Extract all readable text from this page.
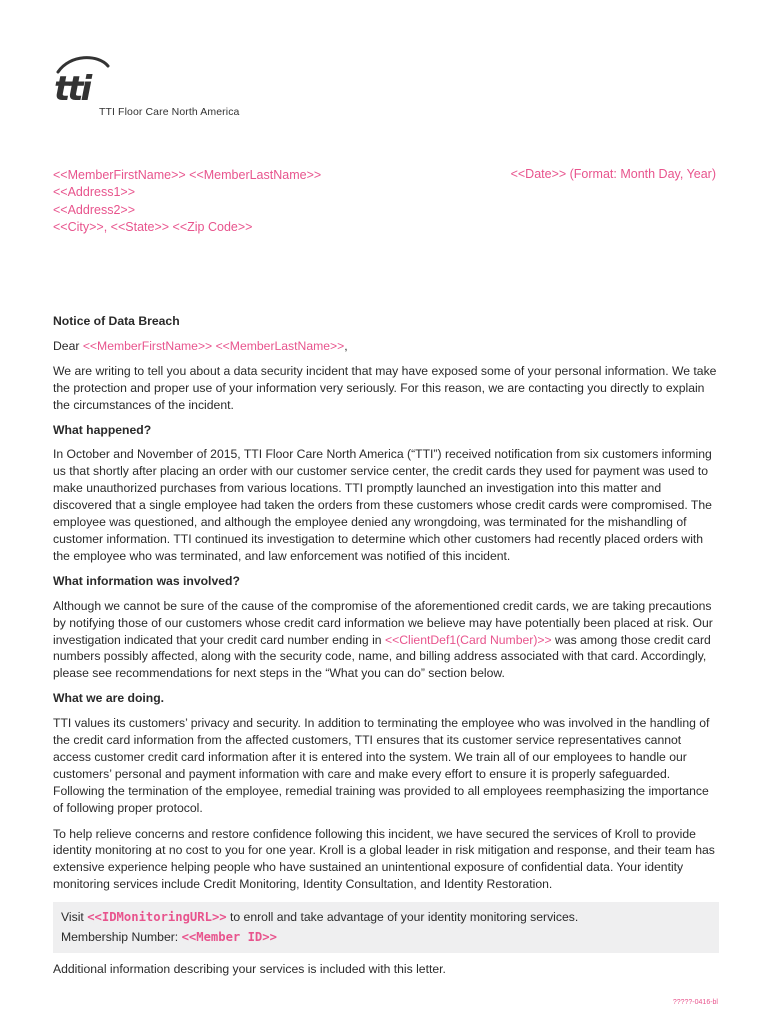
tti
TTI Floor Care North America
<<MemberFirstName>> <<MemberLastName>>
<<Address1>>
<<Address2>>
<<City>>, <<State>> <<Zip Code>>
<<Date>> (Format: Month Day, Year)

Notice of Data Breach

Dear <<MemberFirstName>> <<MemberLastName>>,

We are writing to tell you about a data security incident that may have exposed some of your personal information. We take the protection and proper use of your information very seriously. For this reason, we are contacting you directly to explain the circumstances of the incident.

What happened?

In October and November of 2015, TTI Floor Care North America (“TTI”) received notification from six customers informing us that shortly after placing an order with our customer service center, the credit cards they used for payment was used to make unauthorized purchases from various locations. TTI promptly launched an investigation into this matter and discovered that a single employee had taken the orders from these customers whose credit cards were compromised. The employee was questioned, and although the employee denied any wrongdoing, was terminated for the mishandling of customer information. TTI continued its investigation to determine which other customers had recently placed orders with the employee who was terminated, and law enforcement was notified of this incident.

What information was involved?

Although we cannot be sure of the cause of the compromise of the aforementioned credit cards, we are taking precautions by notifying those of our customers whose credit card information we believe may have potentially been placed at risk. Our investigation indicated that your credit card number ending in <<ClientDef1(Card Number)>> was among those credit card numbers possibly affected, along with the security code, name, and billing address associated with that card. Accordingly, please see recommendations for next steps in the “What you can do” section below.

What we are doing.

TTI values its customers’ privacy and security. In addition to terminating the employee who was involved in the handling of the credit card information from the affected customers, TTI ensures that its customer service representatives cannot access customer credit card information after it is entered into the system. We train all of our employees to handle our customers’ personal and payment information with care and make every effort to ensure it is properly safeguarded. Following the termination of the employee, remedial training was provided to all employees reemphasizing the importance of following proper protocol.

To help relieve concerns and restore confidence following this incident, we have secured the services of Kroll to provide identity monitoring at no cost to you for one year. Kroll is a global leader in risk mitigation and response, and their team has extensive experience helping people who have sustained an unintentional exposure of confidential data. Your identity monitoring services include Credit Monitoring, Identity Consultation, and Identity Restoration.

Visit <<IDMonitoringURL>> to enroll and take advantage of your identity monitoring services.
Membership Number: <<Member ID>>

Additional information describing your services is included with this letter.

?????-0416-bl
